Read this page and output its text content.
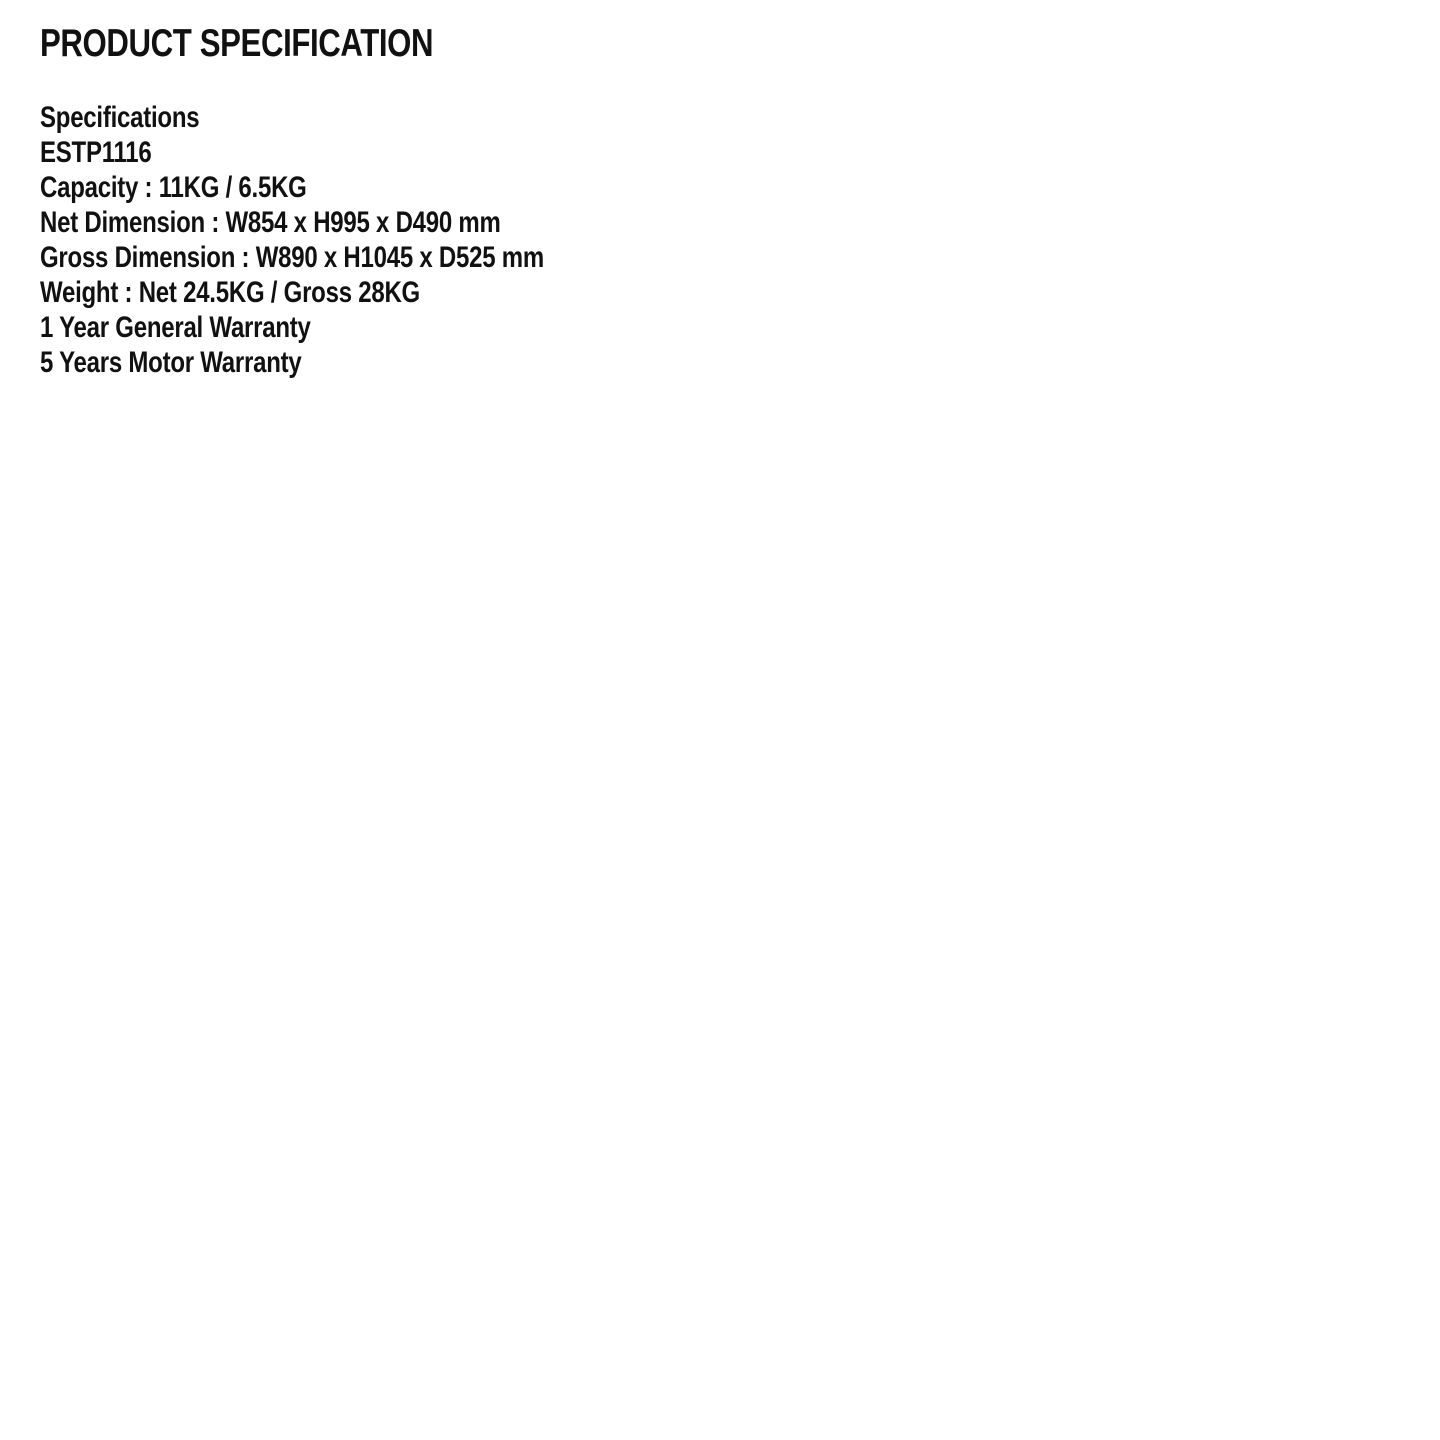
PRODUCT SPECIFICATION
Specifications
ESTP1116
Capacity : 11KG / 6.5KG
Net Dimension : W854 x H995 x D490 mm
Gross Dimension : W890 x H1045 x D525 mm
Weight : Net 24.5KG / Gross 28KG
1 Year General Warranty
5 Years Motor Warranty
